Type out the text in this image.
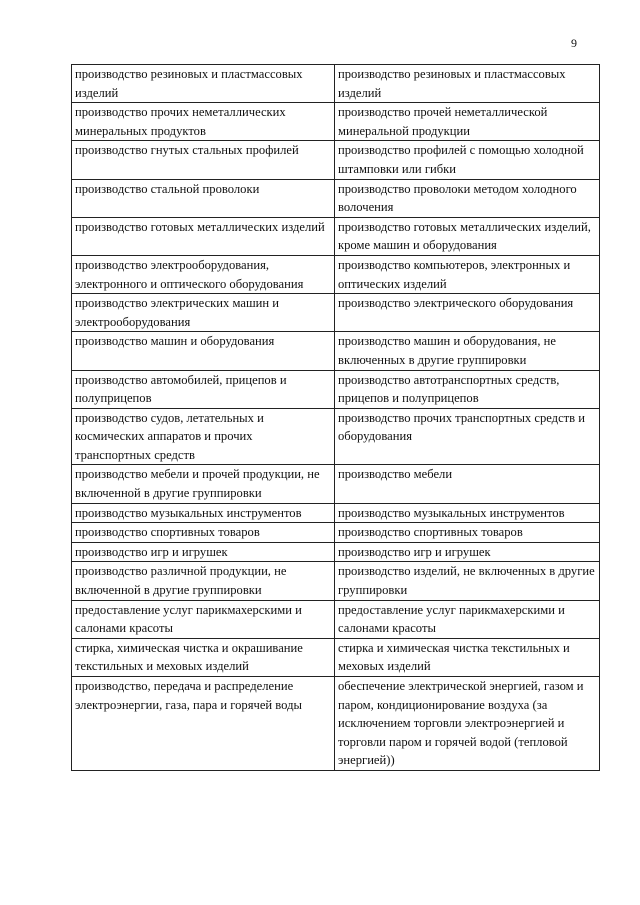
9
производство резиновых и пластмассовых изделий	производство резиновых и пластмассовых изделий
производство прочих неметаллических минеральных продуктов	производство прочей неметаллической минеральной продукции
производство гнутых стальных профилей	производство профилей с помощью холодной штамповки или гибки
производство стальной проволоки	производство проволоки методом холодного волочения
производство готовых металлических изделий	производство готовых металлических изделий, кроме машин и оборудования
производство электрооборудования, электронного и оптического оборудования	производство компьютеров, электронных и оптических изделий
производство электрических машин и электрооборудования	производство электрического оборудования
производство машин и оборудования	производство машин и оборудования, не включенных в другие группировки
производство автомобилей, прицепов и полуприцепов	производство автотранспортных средств, прицепов и полуприцепов
производство судов, летательных и космических аппаратов и прочих транспортных средств	производство прочих транспортных средств и оборудования
производство мебели и прочей продукции, не включенной в другие группировки	производство мебели
производство музыкальных инструментов	производство музыкальных инструментов
производство спортивных товаров	производство спортивных товаров
производство игр и игрушек	производство игр и игрушек
производство различной продукции, не включенной в другие группировки	производство изделий, не включенных в другие группировки
предоставление услуг парикмахерскими и салонами красоты	предоставление услуг парикмахерскими и салонами красоты
стирка, химическая чистка и окрашивание текстильных и меховых изделий	стирка и химическая чистка текстильных и меховых изделий
производство, передача и распределение электроэнергии, газа, пара и горячей воды	обеспечение электрической энергией, газом и паром, кондиционирование воздуха (за исключением торговли электроэнергией и торговли паром и горячей водой (тепловой энергией))
